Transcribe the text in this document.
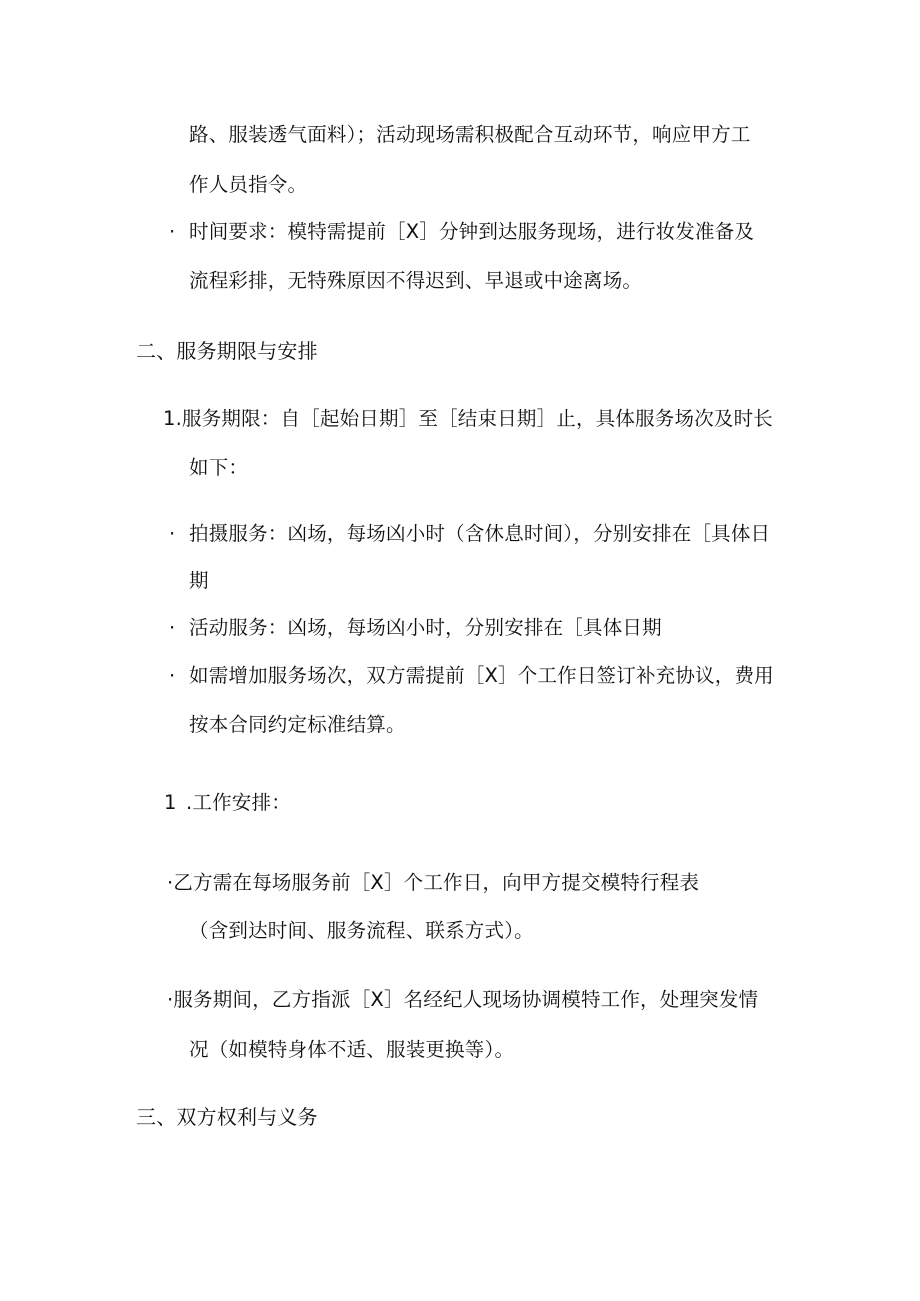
路、服装透气面料）；活动现场需积极配合互动环节，响应甲方工
作人员指令。
· 时间要求：模特需提前［X］分钟到达服务现场，进行妆发准备及
流程彩排，无特殊原因不得迟到、早退或中途离场。
二、服务期限与安排
1.服务期限：自［起始日期］至［结束日期］止，具体服务场次及时长
如下：
· 拍摄服务：凶场，每场凶小时（含休息时间），分别安排在［具体日
期
· 活动服务：凶场，每场凶小时，分别安排在［具体日期
· 如需增加服务场次，双方需提前［X］个工作日签订补充协议，费用
按本合同约定标准结算。
1 .工作安排：
·乙方需在每场服务前［X］个工作日，向甲方提交模特行程表
（含到达时间、服务流程、联系方式）。
·服务期间，乙方指派［X］名经纪人现场协调模特工作，处理突发情
况（如模特身体不适、服装更换等）。
三、双方权利与义务
